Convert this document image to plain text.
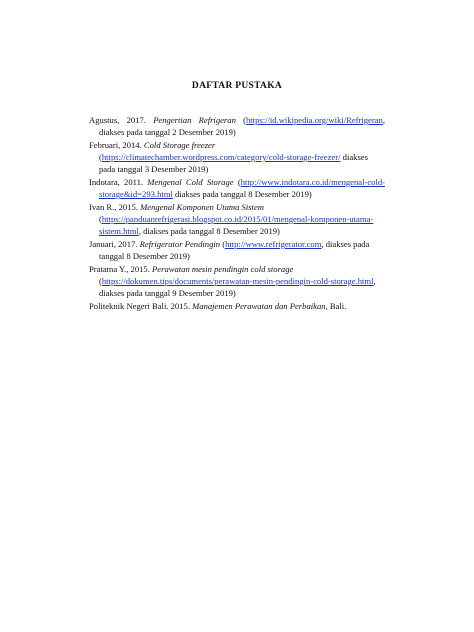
DAFTAR PUSTAKA

Agustus, 2017. Pengertian Refrigeran (https://id.wikipedia.org/wiki/Refrigeran, diakses pada tanggal 2 Desember 2019)

Februari, 2014. Cold Storage freezer (https://climatechamber.wordpress.com/category/cold-storage-freezer/ diakses pada tanggal 3 Desember 2019)

Indotara, 2011. Mengenal Cold Storage (http://www.indotara.co.id/mengenal-cold-storage&id=293.html diakses pada tanggal 8 Desember 2019)

Ivan R., 2015. Mengenal Komponen Utama Sistem (https://panduanrefrigerasi.blogspot.co.id/2015/01/mengenal-komponen-utama-sistem.html, diakses pada tanggal 8 Desember 2019)

Januari, 2017. Refrigerator Pendingin (http://www.refrigerator.com, diakses pada tanggal 8 Desember 2019)

Pratama Y., 2015. Perawatan mesin pendingin cold storage (https://dokumen.tips/documents/perawatan-mesin-pendingin-cold-storage.html, diakses pada tanggal 9 Desember 2019)

Politeknik Negeri Bali. 2015. Manajemen Perawatan dan Perbaikan, Bali.
